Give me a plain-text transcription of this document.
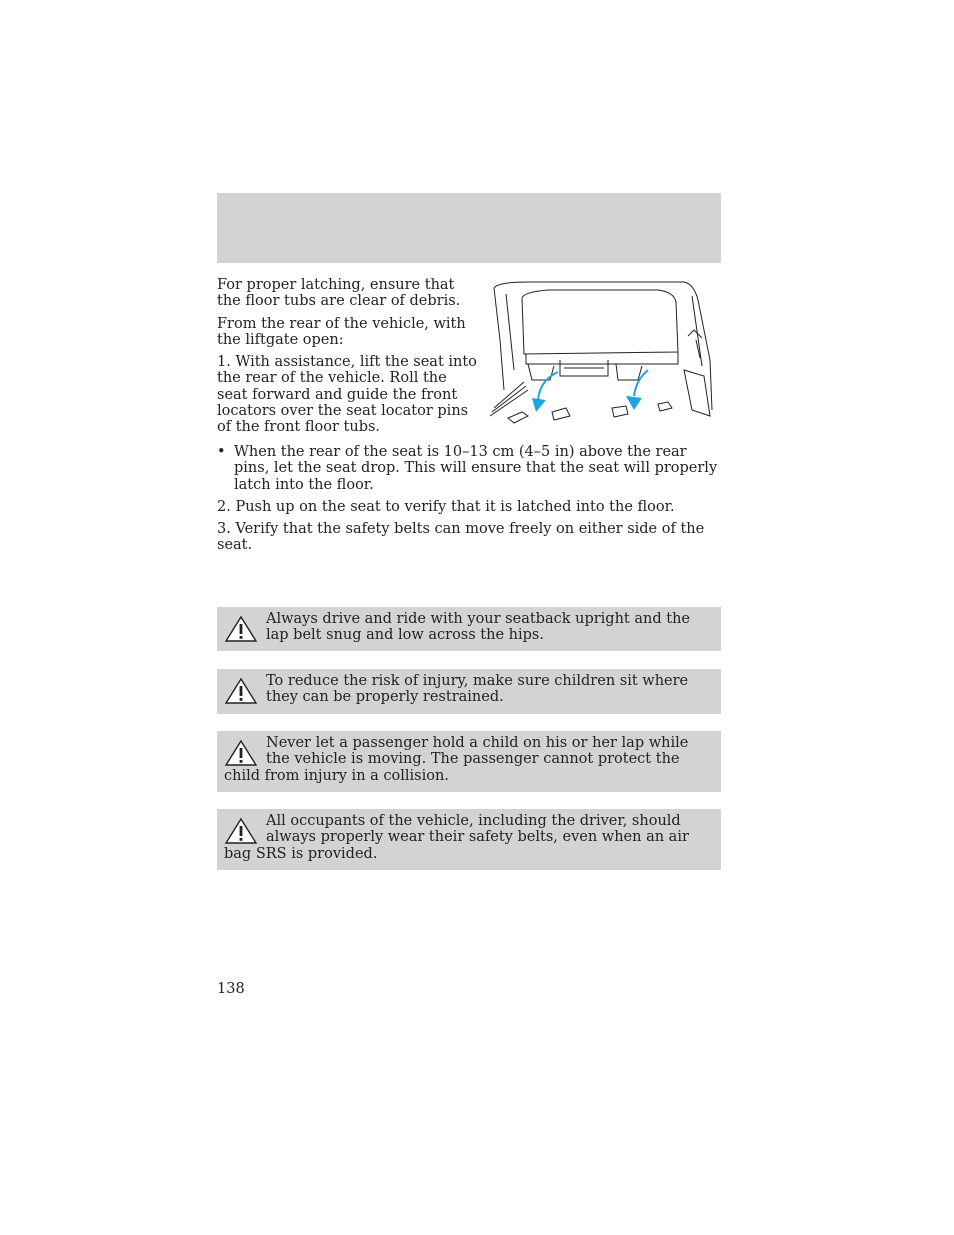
For proper latching, ensure that the floor tubs are clear of debris.

From the rear of the vehicle, with the liftgate open:

1. With assistance, lift the seat into the rear of the vehicle. Roll the seat forward and guide the front locators over the seat locator pins of the front floor tubs.

• When the rear of the seat is 10–13 cm (4–5 in) above the rear pins, let the seat drop. This will ensure that the seat will properly latch into the floor.
2. Push up on the seat to verify that it is latched into the floor.
3. Verify that the safety belts can move freely on either side of the seat.

Always drive and ride with your seatback upright and the lap belt snug and low across the hips.

To reduce the risk of injury, make sure children sit where they can be properly restrained.

Never let a passenger hold a child on his or her lap while the vehicle is moving. The passenger cannot protect the child from injury in a collision.

All occupants of the vehicle, including the driver, should always properly wear their safety belts, even when an air bag SRS is provided.

138
